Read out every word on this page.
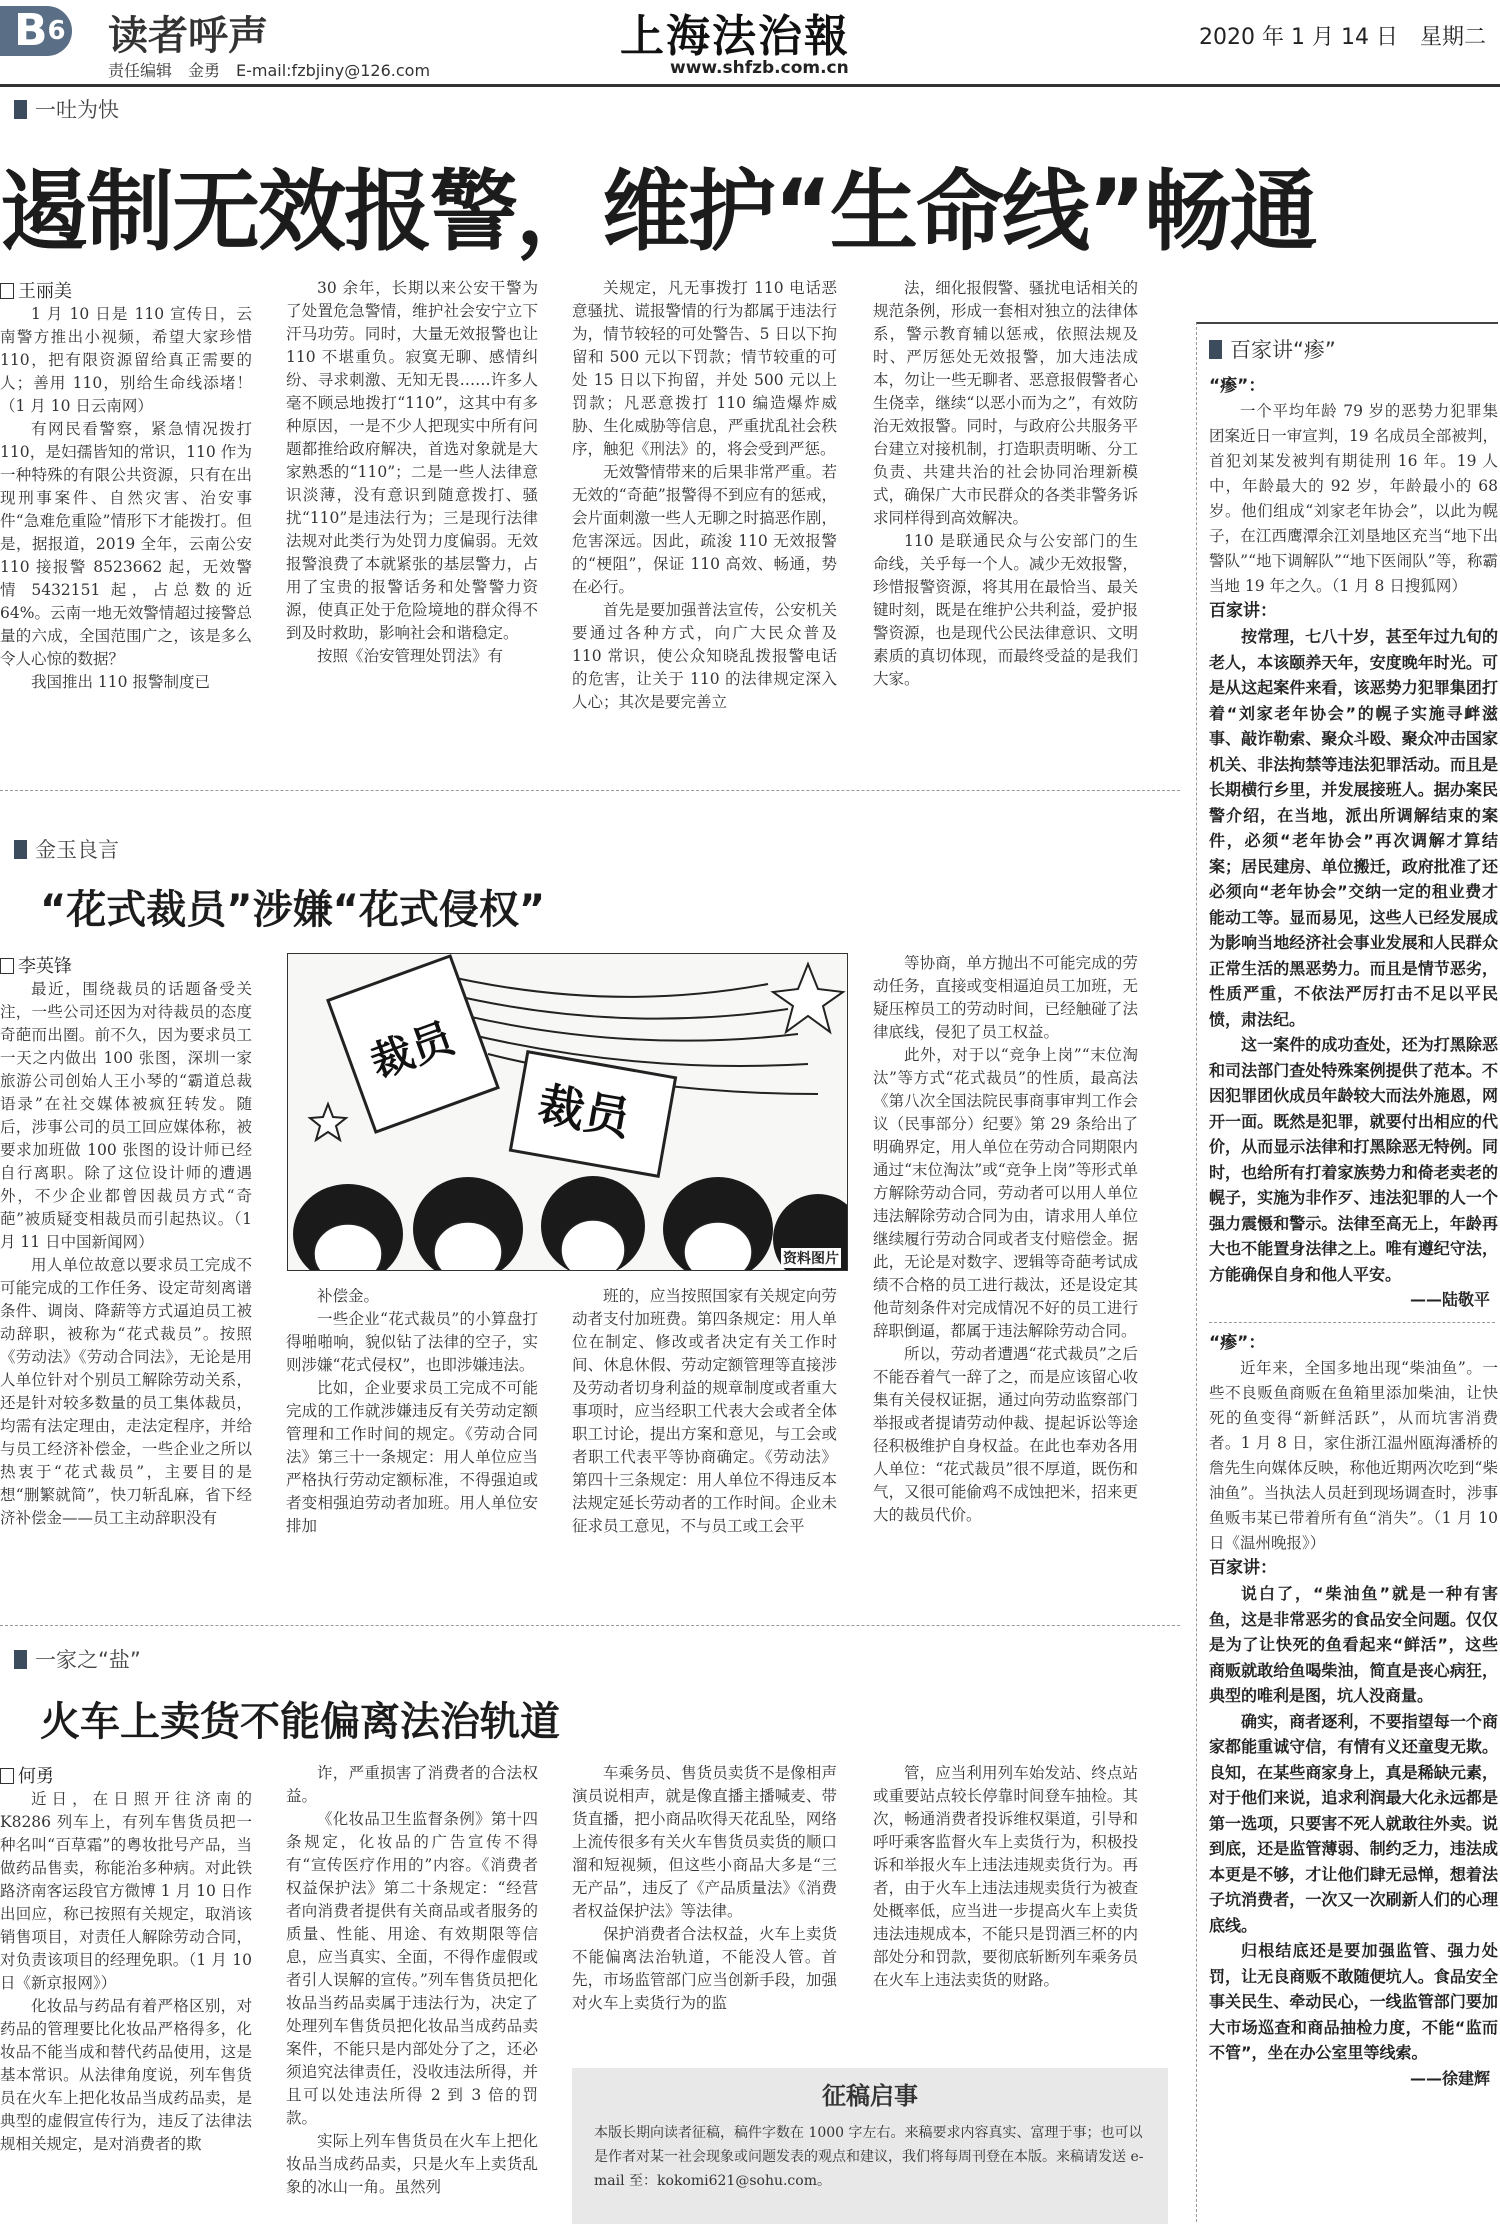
B6 读者呼声
责任编辑　金勇　E-mail:fzbjiny@126.com
上海法治報
www.shfzb.com.cn
2020 年 1 月 14 日　星期二
一吐为快
遏制无效报警，维护“生命线”畅通
王丽美

1 月 10 日是 110 宣传日，云南警方推出小视频，希望大家珍惜 110，把有限资源留给真正需要的人；善用 110，别给生命线添堵！（1 月 10 日云南网）

有网民看警察，紧急情况拨打 110，是妇孺皆知的常识，110 作为一种特殊的有限公共资源，只有在出现刑事案件、自然灾害、治安事件“急难危重险”情形下才能拨打。但是，据报道，2019 全年，云南公安 110 接报警 8523662 起，无效警情 5432151 起，占总数的近 64%。云南一地无效警情超过接警总量的六成，全国范围广之，该是多么令人心惊的数据？

我国推出 110 报警制度已

30 余年，长期以来公安干警为了处置危急警情，维护社会安宁立下汗马功劳。同时，大量无效报警也让 110 不堪重负。寂寞无聊、感情纠纷、寻求刺激、无知无畏……许多人毫不顾忌地拨打“110”，这其中有多种原因，一是不少人把现实中所有问题都推给政府解决，首选对象就是大家熟悉的“110”；二是一些人法律意识淡薄，没有意识到随意拨打、骚扰“110”是违法行为；三是现行法律法规对此类行为处罚力度偏弱。无效报警浪费了本就紧张的基层警力，占用了宝贵的报警话务和处警警力资源，使真正处于危险境地的群众得不到及时救助，影响社会和谐稳定。

按照《治安管理处罚法》有

关规定，凡无事拨打 110 电话恶意骚扰、谎报警情的行为都属于违法行为，情节较轻的可处警告、5 日以下拘留和 500 元以下罚款；情节较重的可处 15 日以下拘留，并处 500 元以上罚款；凡恶意拨打 110 编造爆炸威胁、生化威胁等信息，严重扰乱社会秩序，触犯《刑法》的，将会受到严惩。

无效警情带来的后果非常严重。若无效的“奇葩”报警得不到应有的惩戒，会片面刺激一些人无聊之时搞恶作剧，危害深远。因此，疏浚 110 无效报警的“梗阻”，保证 110 高效、畅通，势在必行。

首先是要加强普法宣传，公安机关要通过各种方式，向广大民众普及 110 常识，使公众知晓乱拨报警电话的危害，让关于 110 的法律规定深入人心；其次是要完善立

法，细化报假警、骚扰电话相关的规范条例，形成一套相对独立的法律体系，警示教育辅以惩戒，依照法规及时、严厉惩处无效报警，加大违法成本，勿让一些无聊者、恶意报假警者心生侥幸，继续“以恶小而为之”，有效防治无效报警。同时，与政府公共服务平台建立对接机制，打造职责明晰、分工负责、共建共治的社会协同治理新模式，确保广大市民群众的各类非警务诉求同样得到高效解决。

110 是联通民众与公安部门的生命线，关乎每一个人。减少无效报警，珍惜报警资源，将其用在最恰当、最关键时刻，既是在维护公共利益，爱护报警资源，也是现代公民法律意识、文明素质的真切体现，而最终受益的是我们大家。

金玉良言
“花式裁员”涉嫌“花式侵权”
李英锋

最近，围绕裁员的话题备受关注，一些公司还因为对待裁员的态度奇葩而出圈。前不久，因为要求员工一天之内做出 100 张图，深圳一家旅游公司创始人王小琴的“霸道总裁语录”在社交媒体被疯狂转发。随后，涉事公司的员工回应媒体称，被要求加班做 100 张图的设计师已经自行离职。除了这位设计师的遭遇外，不少企业都曾因裁员方式“奇葩”被质疑变相裁员而引起热议。（1 月 11 日中国新闻网）

用人单位故意以要求员工完成不可能完成的工作任务、设定苛刻离谱条件、调岗、降薪等方式逼迫员工被动辞职，被称为“花式裁员”。按照《劳动法》《劳动合同法》，无论是用人单位针对个别员工解除劳动关系，还是针对较多数量的员工集体裁员，均需有法定理由，走法定程序，并给与员工经济补偿金，一些企业之所以热衷于“花式裁员”，主要目的是想“删繁就简”，快刀斩乱麻，省下经济补偿金——员工主动辞职没有

裁员
裁员
资料图片

补偿金。

一些企业“花式裁员”的小算盘打得啪啪响，貌似钻了法律的空子，实则涉嫌“花式侵权”，也即涉嫌违法。

比如，企业要求员工完成不可能完成的工作就涉嫌违反有关劳动定额管理和工作时间的规定。《劳动合同法》第三十一条规定：用人单位应当严格执行劳动定额标准，不得强迫或者变相强迫劳动者加班。用人单位安排加

班的，应当按照国家有关规定向劳动者支付加班费。第四条规定：用人单位在制定、修改或者决定有关工作时间、休息休假、劳动定额管理等直接涉及劳动者切身利益的规章制度或者重大事项时，应当经职工代表大会或者全体职工讨论，提出方案和意见，与工会或者职工代表平等协商确定。《劳动法》第四十三条规定：用人单位不得违反本法规定延长劳动者的工作时间。企业未征求员工意见，不与员工或工会平

等协商，单方抛出不可能完成的劳动任务，直接或变相逼迫员工加班，无疑压榨员工的劳动时间，已经触碰了法律底线，侵犯了员工权益。

此外，对于以“竞争上岗”“末位淘汰”等方式“花式裁员”的性质，最高法《第八次全国法院民事商事审判工作会议（民事部分）纪要》第 29 条给出了明确界定，用人单位在劳动合同期限内通过“末位淘汰”或“竞争上岗”等形式单方解除劳动合同，劳动者可以用人单位违法解除劳动合同为由，请求用人单位继续履行劳动合同或者支付赔偿金。据此，无论是对数字、逻辑等奇葩考试成绩不合格的员工进行裁汰，还是设定其他苛刻条件对完成情况不好的员工进行辞职倒逼，都属于违法解除劳动合同。

所以，劳动者遭遇“花式裁员”之后不能吞着气一辞了之，而是应该留心收集有关侵权证据，通过向劳动监察部门举报或者提请劳动仲裁、提起诉讼等途径积极维护自身权益。在此也奉劝各用人单位：“花式裁员”很不厚道，既伤和气，又很可能偷鸡不成蚀把米，招来更大的裁员代价。

一家之“盐”
火车上卖货不能偏离法治轨道
何勇

近日，在日照开往济南的 K8286 列车上，有列车售货员把一种名叫“百草霜”的粤妆批号产品，当做药品售卖，称能治多种病。对此铁路济南客运段官方微博 1 月 10 日作出回应，称已按照有关规定，取消该销售项目，对责任人解除劳动合同，对负责该项目的经理免职。（1 月 10 日《新京报网》）

化妆品与药品有着严格区别，对药品的管理要比化妆品严格得多，化妆品不能当成和替代药品使用，这是基本常识。从法律角度说，列车售货员在火车上把化妆品当成药品卖，是典型的虚假宣传行为，违反了法律法规相关规定，是对消费者的欺

诈，严重损害了消费者的合法权益。

《化妆品卫生监督条例》第十四条规定，化妆品的广告宣传不得有“宣传医疗作用的”内容。《消费者权益保护法》第二十条规定：“经营者向消费者提供有关商品或者服务的质量、性能、用途、有效期限等信息，应当真实、全面，不得作虚假或者引人误解的宣传。”列车售货员把化妆品当药品卖属于违法行为，决定了处理列车售货员把化妆品当成药品卖案件，不能只是内部处分了之，还必须追究法律责任，没收违法所得，并且可以处违法所得 2 到 3 倍的罚款。

实际上列车售货员在火车上把化妆品当成药品卖，只是火车上卖货乱象的冰山一角。虽然列

车乘务员、售货员卖货不是像相声演员说相声，就是像直播主播喊麦、带货直播，把小商品吹得天花乱坠，网络上流传很多有关火车售货员卖货的顺口溜和短视频，但这些小商品大多是“三无产品”，违反了《产品质量法》《消费者权益保护法》等法律。

保护消费者合法权益，火车上卖货不能偏离法治轨道，不能没人管。首先，市场监管部门应当创新手段，加强对火车上卖货行为的监

管，应当利用列车始发站、终点站或重要站点较长停靠时间登车抽检。其次，畅通消费者投诉维权渠道，引导和呼吁乘客监督火车上卖货行为，积极投诉和举报火车上违法违规卖货行为。再者，由于火车上违法违规卖货行为被查处概率低，应当进一步提高火车上卖货违法违规成本，不能只是罚酒三杯的内部处分和罚款，要彻底斩断列车乘务员在火车上违法卖货的财路。

征稿启事

本版长期向读者征稿，稿件字数在 1000 字左右。来稿要求内容真实、富理于事；也可以是作者对某一社会现象或问题发表的观点和建议，我们将每周刊登在本版。来稿请发送 e-mail 至：kokomi621@sohu.com。

百家讲“瘆”
“瘆”：
一个平均年龄 79 岁的恶势力犯罪集团案近日一审宣判，19 名成员全部被判，首犯刘某发被判有期徒刑 16 年。19 人中，年龄最大的 92 岁，年龄最小的 68 岁。他们组成“刘家老年协会”，以此为幌子，在江西鹰潭余江刘垦地区充当“地下出警队”“地下调解队”“地下医闹队”等，称霸当地 19 年之久。（1 月 8 日搜狐网）
百家讲：

按常理，七八十岁，甚至年过九旬的老人，本该颐养天年，安度晚年时光。可是从这起案件来看，该恶势力犯罪集团打着“刘家老年协会”的幌子实施寻衅滋事、敲诈勒索、聚众斗殴、聚众冲击国家机关、非法拘禁等违法犯罪活动。而且是长期横行乡里，并发展接班人。据办案民警介绍，在当地，派出所调解结束的案件，必须“老年协会”再次调解才算结案；居民建房、单位搬迁，政府批准了还必须向“老年协会”交纳一定的租业费才能动工等。显而易见，这些人已经发展成为影响当地经济社会事业发展和人民群众正常生活的黑恶势力。而且是情节恶劣，性质严重，不依法严厉打击不足以平民愤，肃法纪。

这一案件的成功查处，还为打黑除恶和司法部门查处特殊案例提供了范本。不因犯罪团伙成员年龄较大而法外施恩，网开一面。既然是犯罪，就要付出相应的代价，从而显示法律和打黑除恶无特例。同时，也给所有打着家族势力和倚老卖老的幌子，实施为非作歹、违法犯罪的人一个强力震慑和警示。法律至高无上，年龄再大也不能置身法律之上。唯有遵纪守法，方能确保自身和他人平安。

——陆敬平
“瘆”：
近年来，全国多地出现“柴油鱼”。一些不良贩鱼商贩在鱼箱里添加柴油，让快死的鱼变得“新鲜活跃”，从而坑害消费者。1 月 8 日，家住浙江温州瓯海潘桥的詹先生向媒体反映，称他近期两次吃到“柴油鱼”。当执法人员赶到现场调查时，涉事鱼贩韦某已带着所有鱼“消失”。（1 月 10 日《温州晚报》）
百家讲：

说白了，“柴油鱼”就是一种有害鱼，这是非常恶劣的食品安全问题。仅仅是为了让快死的鱼看起来“鲜活”，这些商贩就敢给鱼喝柴油，简直是丧心病狂，典型的唯利是图，坑人没商量。

确实，商者逐利，不要指望每一个商家都能重诚守信，有情有义还童叟无欺。良知，在某些商家身上，真是稀缺元素，对于他们来说，追求利润最大化永远都是第一选项，只要害不死人就敢往外卖。说到底，还是监管薄弱、制约乏力，违法成本更是不够，才让他们肆无忌惮，想着法子坑消费者，一次又一次刷新人们的心理底线。

归根结底还是要加强监管、强力处罚，让无良商贩不敢随便坑人。食品安全事关民生、牵动民心，一线监管部门要加大市场巡查和商品抽检力度，不能“监而不管”，坐在办公室里等线索。

——徐建辉
